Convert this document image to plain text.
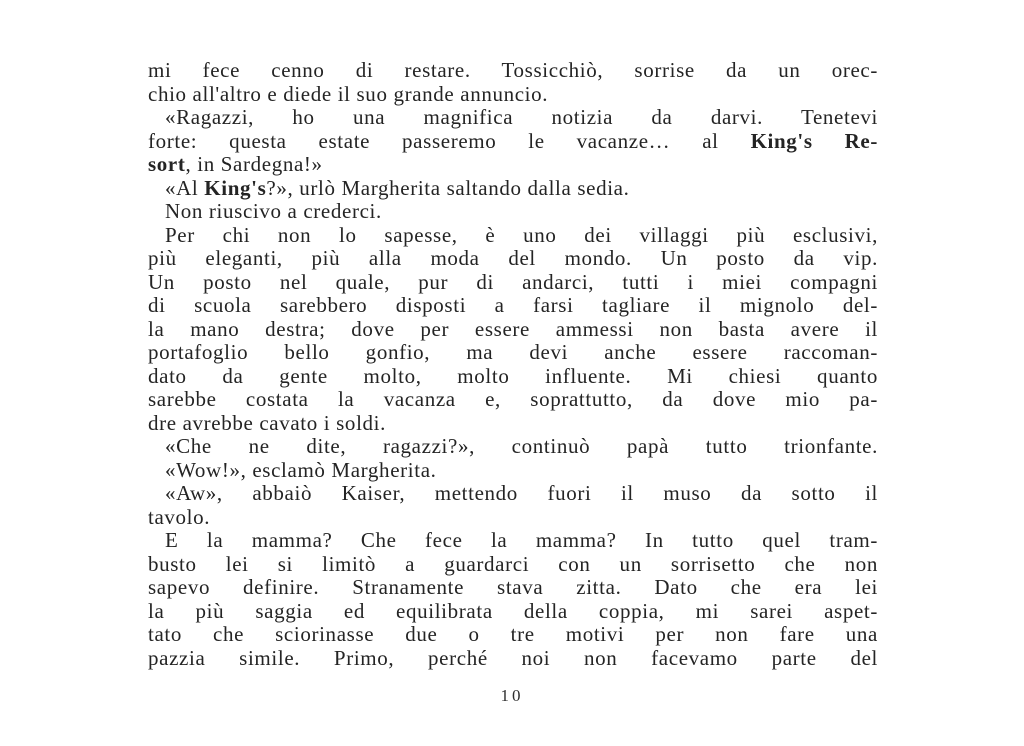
mi fece cenno di restare. Tossicchiò, sorrise da un orec-
chio all'altro e diede il suo grande annuncio.
«Ragazzi, ho una magnifica notizia da darvi. Tenetevi
forte: questa estate passeremo le vacanze… al King's Re-
sort, in Sardegna!»
«Al King's?», urlò Margherita saltando dalla sedia.
Non riuscivo a crederci.
Per chi non lo sapesse, è uno dei villaggi più esclusivi,
più eleganti, più alla moda del mondo. Un posto da vip.
Un posto nel quale, pur di andarci, tutti i miei compagni
di scuola sarebbero disposti a farsi tagliare il mignolo del-
la mano destra; dove per essere ammessi non basta avere il
portafoglio bello gonfio, ma devi anche essere raccoman-
dato da gente molto, molto influente. Mi chiesi quanto
sarebbe costata la vacanza e, soprattutto, da dove mio pa-
dre avrebbe cavato i soldi.
«Che ne dite, ragazzi?», continuò papà tutto trionfante.
«Wow!», esclamò Margherita.
«Aw», abbaiò Kaiser, mettendo fuori il muso da sotto il
tavolo.
E la mamma? Che fece la mamma? In tutto quel tram-
busto lei si limitò a guardarci con un sorrisetto che non
sapevo definire. Stranamente stava zitta. Dato che era lei
la più saggia ed equilibrata della coppia, mi sarei aspet-
tato che sciorinasse due o tre motivi per non fare una
pazzia simile. Primo, perché noi non facevamo parte del
10
